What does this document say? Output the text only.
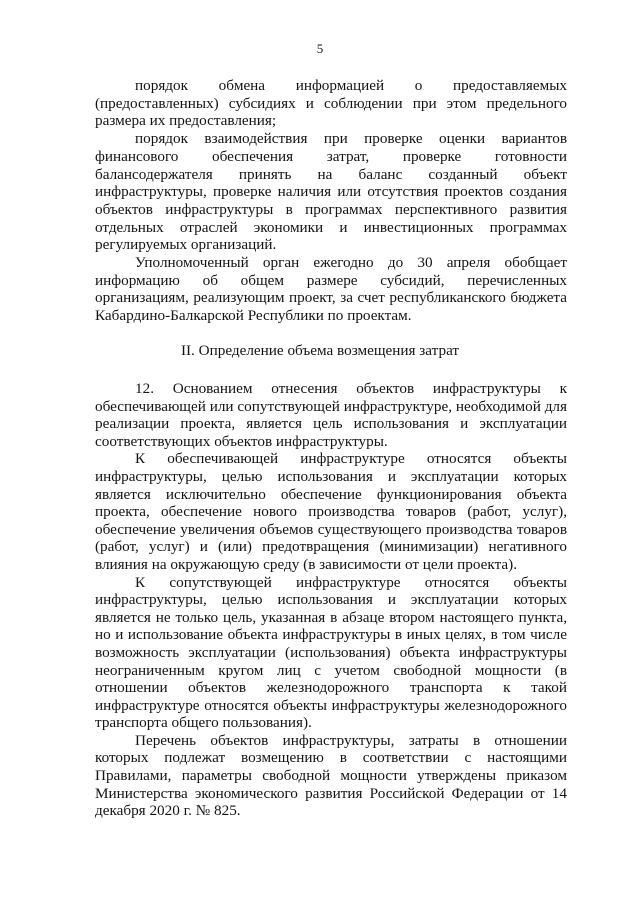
5

порядок обмена информацией о предоставляемых (предоставленных) субсидиях и соблюдении при этом предельного размера их предоставления;

порядок взаимодействия при проверке оценки вариантов финансового обеспечения затрат, проверке готовности балансодержателя принять на баланс созданный объект инфраструктуры, проверке наличия или отсутствия проектов создания объектов инфраструктуры в программах перспективного развития отдельных отраслей экономики и инвестиционных программах регулируемых организаций.

Уполномоченный орган ежегодно до 30 апреля обобщает информацию об общем размере субсидий, перечисленных организациям, реализующим проект, за счет республиканского бюджета Кабардино-Балкарской Республики по проектам.

II. Определение объема возмещения затрат

12. Основанием отнесения объектов инфраструктуры к обеспечивающей или сопутствующей инфраструктуре, необходимой для реализации проекта, является цель использования и эксплуатации соответствующих объектов инфраструктуры.

К обеспечивающей инфраструктуре относятся объекты инфраструктуры, целью использования и эксплуатации которых является исключительно обеспечение функционирования объекта проекта, обеспечение нового производства товаров (работ, услуг), обеспечение увеличения объемов существующего производства товаров (работ, услуг) и (или) предотвращения (минимизации) негативного влияния на окружающую среду (в зависимости от цели проекта).

К сопутствующей инфраструктуре относятся объекты инфраструктуры, целью использования и эксплуатации которых является не только цель, указанная в абзаце втором настоящего пункта, но и использование объекта инфраструктуры в иных целях, в том числе возможность эксплуатации (использования) объекта инфраструктуры неограниченным кругом лиц с учетом свободной мощности (в отношении объектов железнодорожного транспорта к такой инфраструктуре относятся объекты инфраструктуры железнодорожного транспорта общего пользования).

Перечень объектов инфраструктуры, затраты в отношении которых подлежат возмещению в соответствии с настоящими Правилами, параметры свободной мощности утверждены приказом Министерства экономического развития Российской Федерации от 14 декабря 2020 г. № 825.
